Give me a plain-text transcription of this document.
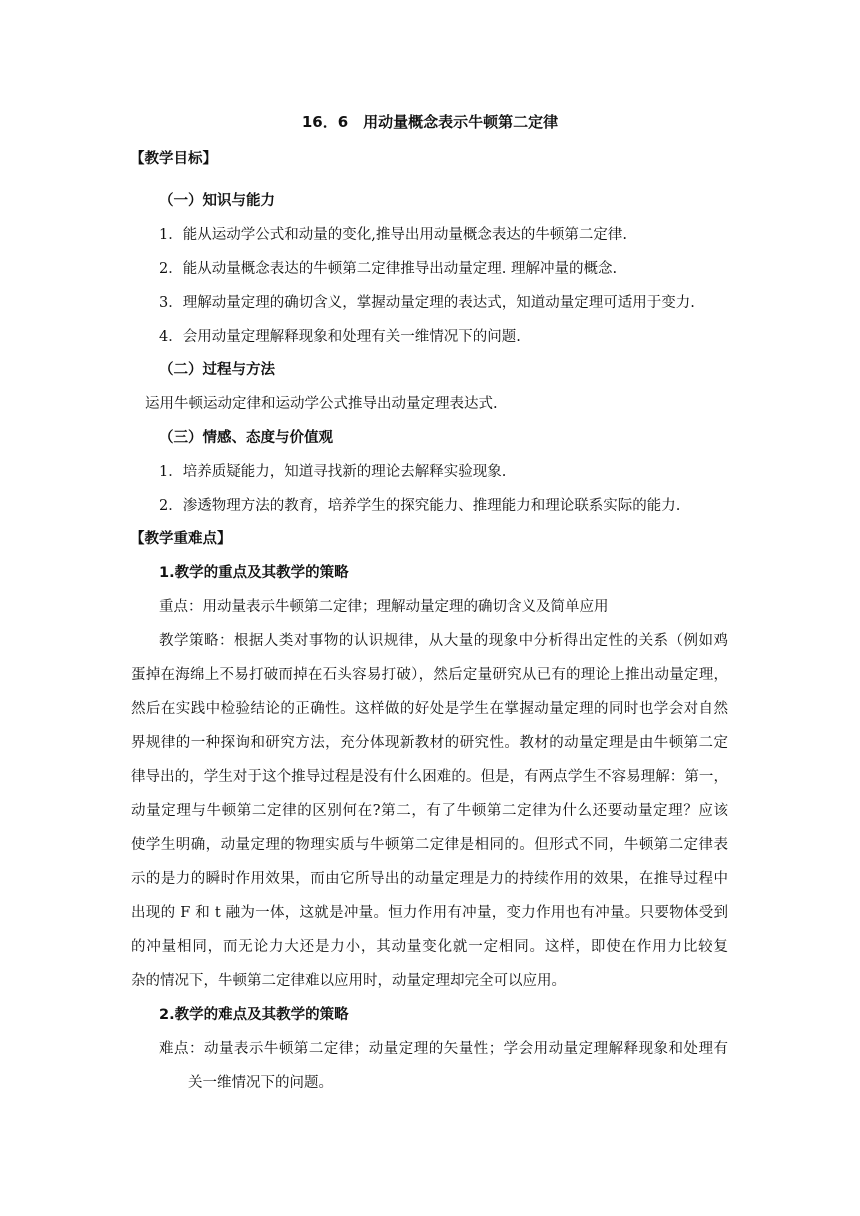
16．6　用动量概念表示牛顿第二定律
【教学目标】
（一）知识与能力
1．能从运动学公式和动量的变化,推导出用动量概念表达的牛顿第二定律.
2．能从动量概念表达的牛顿第二定律推导出动量定理. 理解冲量的概念.
3．理解动量定理的确切含义，掌握动量定理的表达式，知道动量定理可适用于变力.
4．会用动量定理解释现象和处理有关一维情况下的问题.
（二）过程与方法
运用牛顿运动定律和运动学公式推导出动量定理表达式.
（三）情感、态度与价值观
1．培养质疑能力，知道寻找新的理论去解释实验现象.
2．渗透物理方法的教育，培养学生的探究能力、推理能力和理论联系实际的能力.
【教学重难点】
1.教学的重点及其教学的策略
重点：用动量表示牛顿第二定律；理解动量定理的确切含义及简单应用
教学策略：根据人类对事物的认识规律，从大量的现象中分析得出定性的关系（例如鸡
蛋掉在海绵上不易打破而掉在石头容易打破），然后定量研究从已有的理论上推出动量定理，
然后在实践中检验结论的正确性。这样做的好处是学生在掌握动量定理的同时也学会对自然
界规律的一种探询和研究方法，充分体现新教材的研究性。教材的动量定理是由牛顿第二定
律导出的，学生对于这个推导过程是没有什么困难的。但是，有两点学生不容易理解：第一，
动量定理与牛顿第二定律的区别何在?第二，有了牛顿第二定律为什么还要动量定理？应该
使学生明确，动量定理的物理实质与牛顿第二定律是相同的。但形式不同，牛顿第二定律表
示的是力的瞬时作用效果，而由它所导出的动量定理是力的持续作用的效果，在推导过程中
出现的 F 和 t 融为一体，这就是冲量。恒力作用有冲量，变力作用也有冲量。只要物体受到
的冲量相同，而无论力大还是力小，其动量变化就一定相同。这样，即使在作用力比较复
杂的情况下，牛顿第二定律难以应用时，动量定理却完全可以应用。
2.教学的难点及其教学的策略
难点：动量表示牛顿第二定律；动量定理的矢量性；学会用动量定理解释现象和处理有
关一维情况下的问题。
